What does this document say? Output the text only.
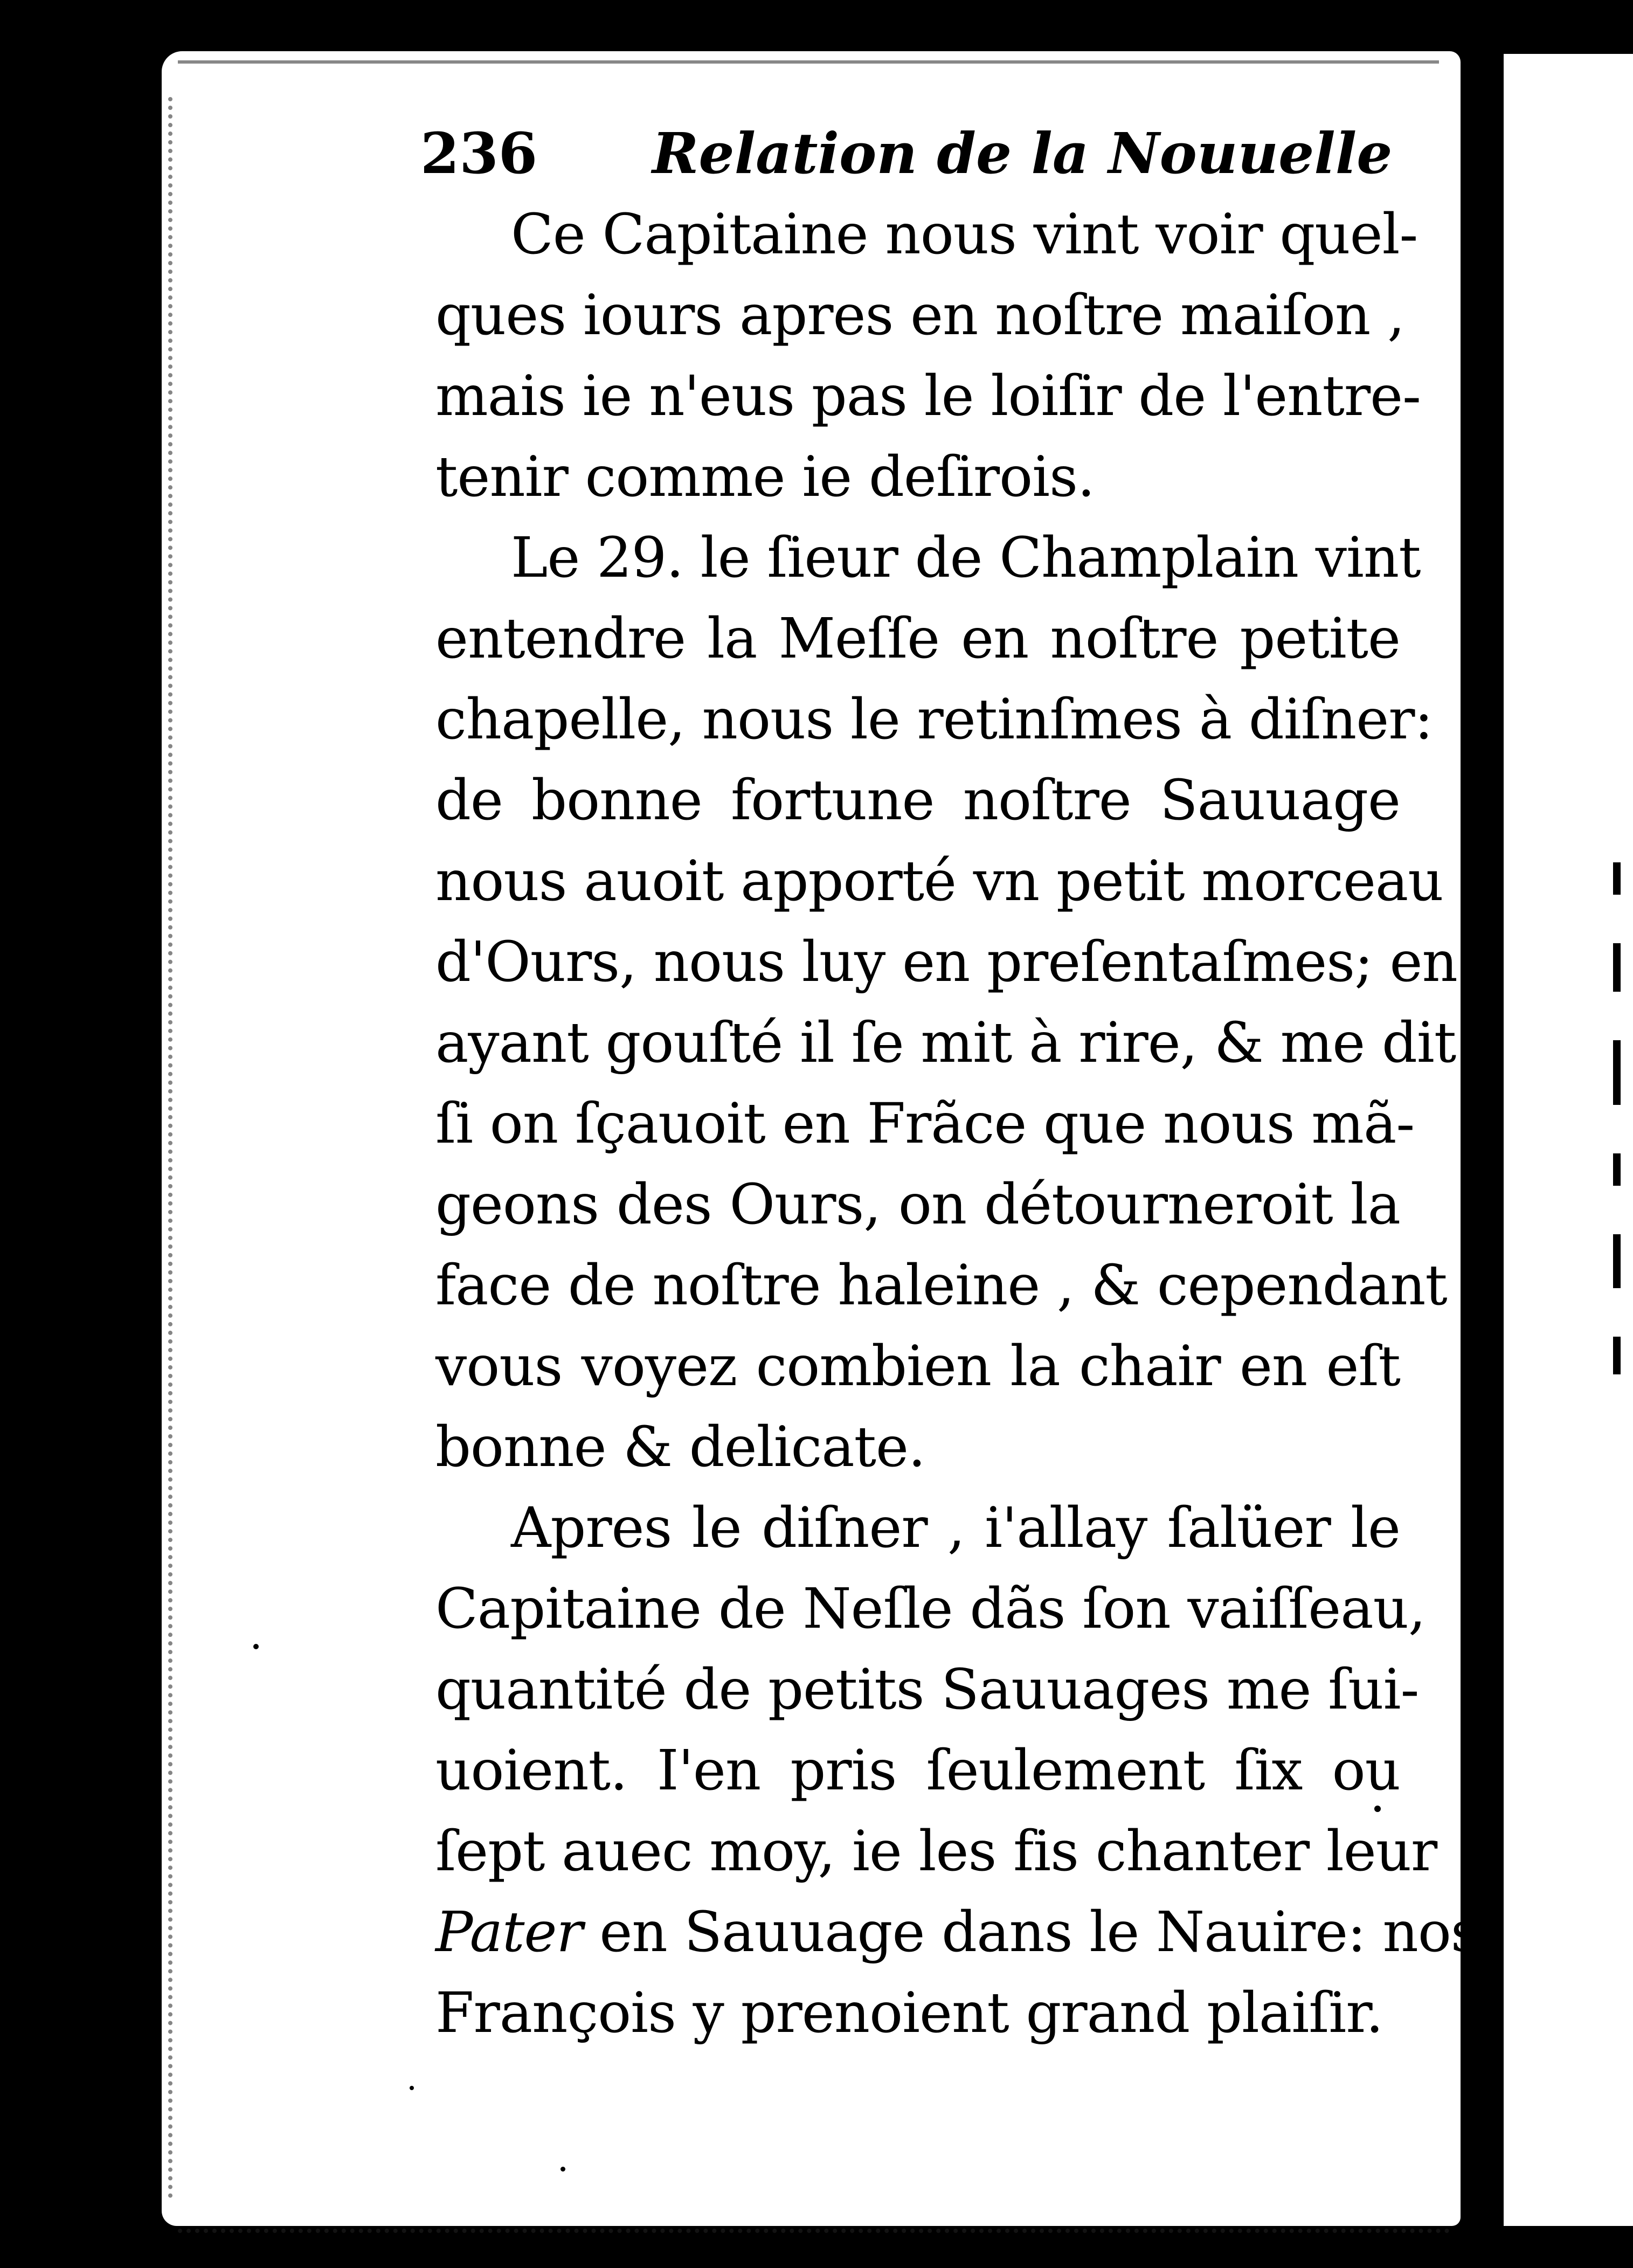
236 Relation de la Nouuelle
Ce Capitaine nous vint voir quel-
ques iours apres en noſtre maiſon ,
mais ie n'eus pas le loiſir de l'entre-
tenir comme ie deſirois.
Le 29. le ſieur de Champlain vint
entendre la Meſſe en noſtre petite
chapelle, nous le retinſmes à diſner:
de bonne fortune noſtre Sauuage
nous auoit apporté vn petit morceau
d'Ours, nous luy en preſentaſmes; en
ayant gouſté il ſe mit à rire, & me dit
ſi on ſçauoit en Frãce que nous mã-
geons des Ours, on détourneroit la
face de noſtre haleine , & cependant
vous voyez combien la chair en eſt
bonne & delicate.
Apres le diſner , i'allay ſalüer le
Capitaine de Neſle dãs ſon vaiſſeau,
quantité de petits Sauuages me ſui-
uoient. I'en pris ſeulement ſix ou
ſept auec moy, ie les fis chanter leur
Pater en Sauuage dans le Nauire: nos
François y prenoient grand plaiſir.
